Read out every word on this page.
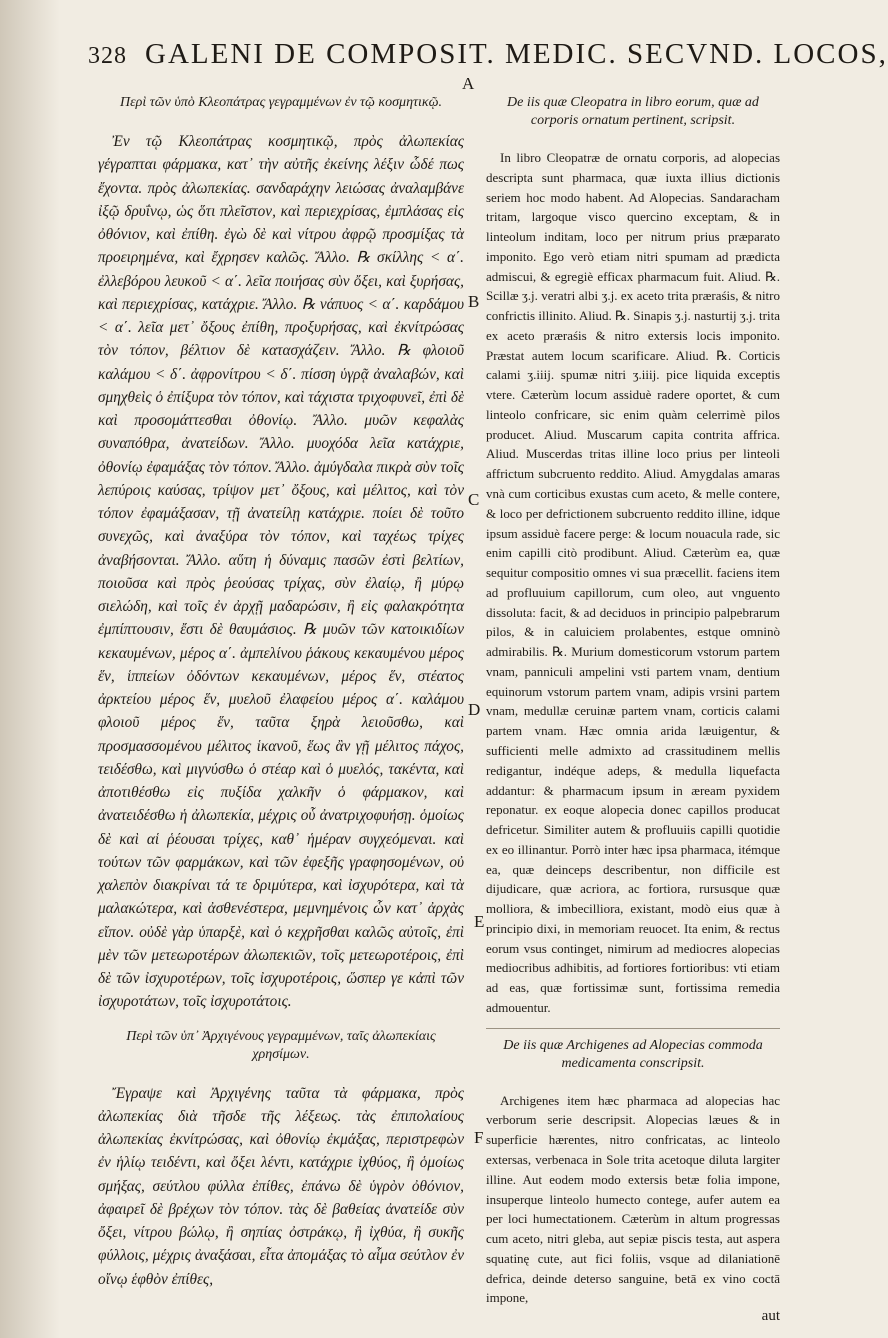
328 GALENI DE COMPOSIT. MEDIC. SECVND. LOCOS,
A
B
C
D
E
F

Περὶ τῶν ὑπὸ Κλεοπάτρας γεγραμμένων ἐν τῷ κοσμητικῷ.

Ἐν τῷ Κλεοπάτρας κοσμητικῷ, πρὸς ἀλωπεκίας γέγραπται φάρμακα, κατ᾽ τὴν αὐτῆς ἐκείνης λέξιν ὧδέ πως ἔχοντα. πρὸς ἀλωπεκίας. σανδαράχην λειώσας ἀναλαμβάνε ἰξῷ δρυΐνῳ, ὡς ὅτι πλεῖστον, καὶ περιεχρίσας, ἐμπλάσας εἰς ὀθόνιον, καὶ ἐπίθη. ἐγὼ δὲ καὶ νίτρου ἀφρῷ προσμίξας τὰ προειρημένα, καὶ ἔχρησεν καλῶς. Ἄλλο. ℞ σκίλλης < α΄. ἐλλεβόρου λευκοῦ < α΄. λεῖα ποιήσας σὺν ὄξει, καὶ ξυρήσας, καὶ περιεχρίσας, κατάχριε. Ἄλλο. ℞ νάπυος < α΄. καρδάμου < α΄. λεῖα μετ᾽ ὄξους ἐπίθη, προξυρήσας, καὶ ἐκνίτρώσας τὸν τόπον, βέλτιον δὲ κατασχάζειν. Ἄλλο. ℞ φλοιοῦ καλάμου < δ΄. ἀφρονίτρου < δ΄. πίσση ὑγρᾷ ἀναλαβών, καὶ σμηχθεὶς ὁ ἐπίξυρα τὸν τόπον, καὶ τάχιστα τριχοφυνεῖ, ἐπὶ δὲ καὶ προσομάττεσθαι ὀθονίῳ. Ἄλλο. μυῶν κεφαλὰς συναπόθρα, ἀνατείδων. Ἄλλο. μυοχόδα λεῖα κατάχριε, ὀθονίῳ ἐφαμάξας τὸν τόπον. Ἄλλο. ἀμύγδαλα πικρὰ σὺν τοῖς λεπύροις καύσας, τρίψον μετ᾽ ὄξους, καὶ μέλιτος, καὶ τὸν τόπον ἐφαμάξασαν, τῇ ἀνατείλῃ κατάχριε. ποίει δὲ τοῦτο συνεχῶς, καὶ ἀναξύρα τὸν τόπον, καὶ ταχέως τρίχες ἀναβήσονται. Ἄλλο. αὕτη ἡ δύναμις πασῶν ἐστὶ βελτίων, ποιοῦσα καὶ πρὸς ῥεούσας τρίχας, σὺν ἐλαίῳ, ἢ μύρῳ σιελώδη, καὶ τοῖς ἐν ἀρχῇ μαδαρώσιν, ἢ εἰς φαλακρότητα ἐμπίπτουσιν, ἔστι δὲ θαυμάσιος. ℞ μυῶν τῶν κατοικιδίων κεκαυμένων, μέρος α΄. ἀμπελίνου ῥάκους κεκαυμένου μέρος ἕν, ἱππείων ὀδόντων κεκαυμένων, μέρος ἕν, στέατος ἀρκτείου μέρος ἕν, μυελοῦ ἐλαφείου μέρος α΄. καλάμου φλοιοῦ μέρος ἕν, ταῦτα ξηρὰ λειοῦσθω, καὶ προσμασσομένου μέλιτος ἱκανοῦ, ἕως ἂν γῇ μέλιτος πάχος, τειδέσθω, καὶ μιγνύσθω ὁ στέαρ καὶ ὁ μυελός, τακέντα, καὶ ἀποτιθέσθω εἰς πυξίδα χαλκῆν ὁ φάρμακον, καὶ ἀνατειδέσθω ἡ ἀλωπεκία, μέχρις οὗ ἀνατριχοφυήσῃ. ὁμοίως δὲ καὶ αἱ ῥέουσαι τρίχες, καθ᾽ ἡμέραν συγχεόμεναι. καὶ τούτων τῶν φαρμάκων, καὶ τῶν ἐφεξῆς γραφησομένων, οὐ χαλεπὸν διακρίναι τά τε δριμύτερα, καὶ ἰσχυρότερα, καὶ τὰ μαλακώτερα, καὶ ἀσθενέστερα, μεμνημένοις ὧν κατ᾽ ἀρχὰς εἴπον. οὐδὲ γὰρ ὑπαρξὲ, καὶ ὁ κεχρῆσθαι καλῶς αὐτοῖς, ἐπὶ μὲν τῶν μετεωροτέρων ἀλωπεκιῶν, τοῖς μετεωροτέροις, ἐπὶ δὲ τῶν ἰσχυροτέρων, τοῖς ἰσχυροτέροις, ὥσπερ γε κἀπὶ τῶν ἰσχυροτάτων, τοῖς ἰσχυροτάτοις.

Περὶ τῶν ὑπ᾽ Ἀρχιγένους γεγραμμένων, ταῖς ἀλωπεκίαις χρησίμων.

Ἔγραψε καὶ Ἀρχιγένης ταῦτα τὰ φάρμακα, πρὸς ἀλωπεκίας διὰ τῆσδε τῆς λέξεως. τὰς ἐπιπολαίους ἀλωπεκίας ἐκνίτρώσας, καὶ ὀθονίῳ ἐκμάξας, περιστρεφὼν ἐν ἡλίῳ τειδέντι, καὶ ὄξει λέντι, κατάχριε ἰχθύος, ἢ ὁμοίως σμήξας, σεύτλου φύλλα ἐπίθες, ἐπάνω δὲ ὑγρὸν ὀθόνιον, ἀφαιρεῖ δὲ βρέχων τὸν τόπον. τὰς δὲ βαθείας ἀνατείδε σὺν ὄξει, νίτρου βώλῳ, ἢ σηπίας ὀστράκῳ, ἢ ἰχθύα, ἢ συκῆς φύλλοις, μέχρις ἀναξάσαι, εἶτα ἀπομάξας τὸ αἷμα σεύτλον ἐν οἴνῳ ἑφθὸν ἐπίθες,

De iis quæ Cleopatra in libro eorum, quæ ad corporis ornatum pertinent, scripsit.

In libro Cleopatræ de ornatu corporis, ad alopecias descripta sunt pharmaca, quæ iuxta illius dictionis seriem hoc modo habent. Ad Alopecias. Sandaracham tritam, largoque visco quercino exceptam, & in linteolum inditam, loco per nitrum prius præparato imponito. Ego verò etiam nitri spumam ad prædicta admiscui, & egregiè efficax pharmacum fuit. Aliud. ℞. Scillæ ʒ.j. veratri albi ʒ.j. ex aceto trita præraśis, & nitro confrictis illinito. Aliud. ℞. Sinapis ʒ.j. nasturtij ʒ.j. trita ex aceto præraśis & nitro extersis locis imponito. Præstat autem locum scarificare. Aliud. ℞. Corticis calami ʒ.iiij. spumæ nitri ʒ.iiij. pice liquida exceptis vtere. Cæterùm locum assiduè radere oportet, & cum linteolo confricare, sic enim quàm celerrimè pilos producet. Aliud. Muscarum capita contrita affrica. Aliud. Muscerdas tritas illine loco prius per linteoli affrictum subcruento reddito. Aliud. Amygdalas amaras vnà cum corticibus exustas cum aceto, & melle contere, & loco per defrictionem subcruento reddito illine, idque ipsum assiduè facere perge: & locum nouacula rade, sic enim capilli citò prodibunt. Aliud. Cæterùm ea, quæ sequitur compositio omnes vi sua præcellit. faciens item ad profluuium capillorum, cum oleo, aut vnguento dissoluta: facit, & ad deciduos in principio palpebrarum pilos, & in caluiciem prolabentes, estque omninò admirabilis. ℞. Murium domesticorum vstorum partem vnam, panniculi ampelini vsti partem vnam, dentium equinorum vstorum partem vnam, adipis vrsini partem vnam, medullæ ceruinæ partem vnam, corticis calami partem vnam. Hæc omnia arida læuigentur, & sufficienti melle admixto ad crassitudinem mellis redigantur, indéque adeps, & medulla liquefacta addantur: & pharmacum ipsum in æream pyxidem reponatur. ex eoque alopecia donec capillos producat defricetur. Similiter autem & profluuiis capilli quotidie ex eo illinantur. Porrò inter hæc ipsa pharmaca, itémque ea, quæ deinceps describentur, non difficile est dijudicare, quæ acriora, ac fortiora, rursusque quæ molliora, & imbecilliora, existant, modò eius quæ à principio dixi, in memoriam reuocet. Ita enim, & rectus eorum vsus continget, nimirum ad mediocres alopecias mediocribus adhibitis, ad fortiores fortioribus: vti etiam ad eas, quæ fortissimæ sunt, fortissima remedia admouentur.

De iis quæ Archigenes ad Alopecias commoda medicamenta conscripsit.

Archigenes item hæc pharmaca ad alopecias hac verborum serie descripsit. Alopecias læues & in superficie hærentes, nitro confricatas, ac linteolo extersas, verbenaca in Sole trita acetoque diluta largiter illine. Aut eodem modo extersis betæ folia impone, insuperque linteolo humecto contege, aufer autem ea per loci humectationem. Cæterùm in altum progressas cum aceto, nitri gleba, aut sepiæ piscis testa, aut aspera squatinę cute, aut fici foliis, vsque ad dilaniationē defrica, deinde deterso sanguine, betā ex vino coctā impone,

aut
